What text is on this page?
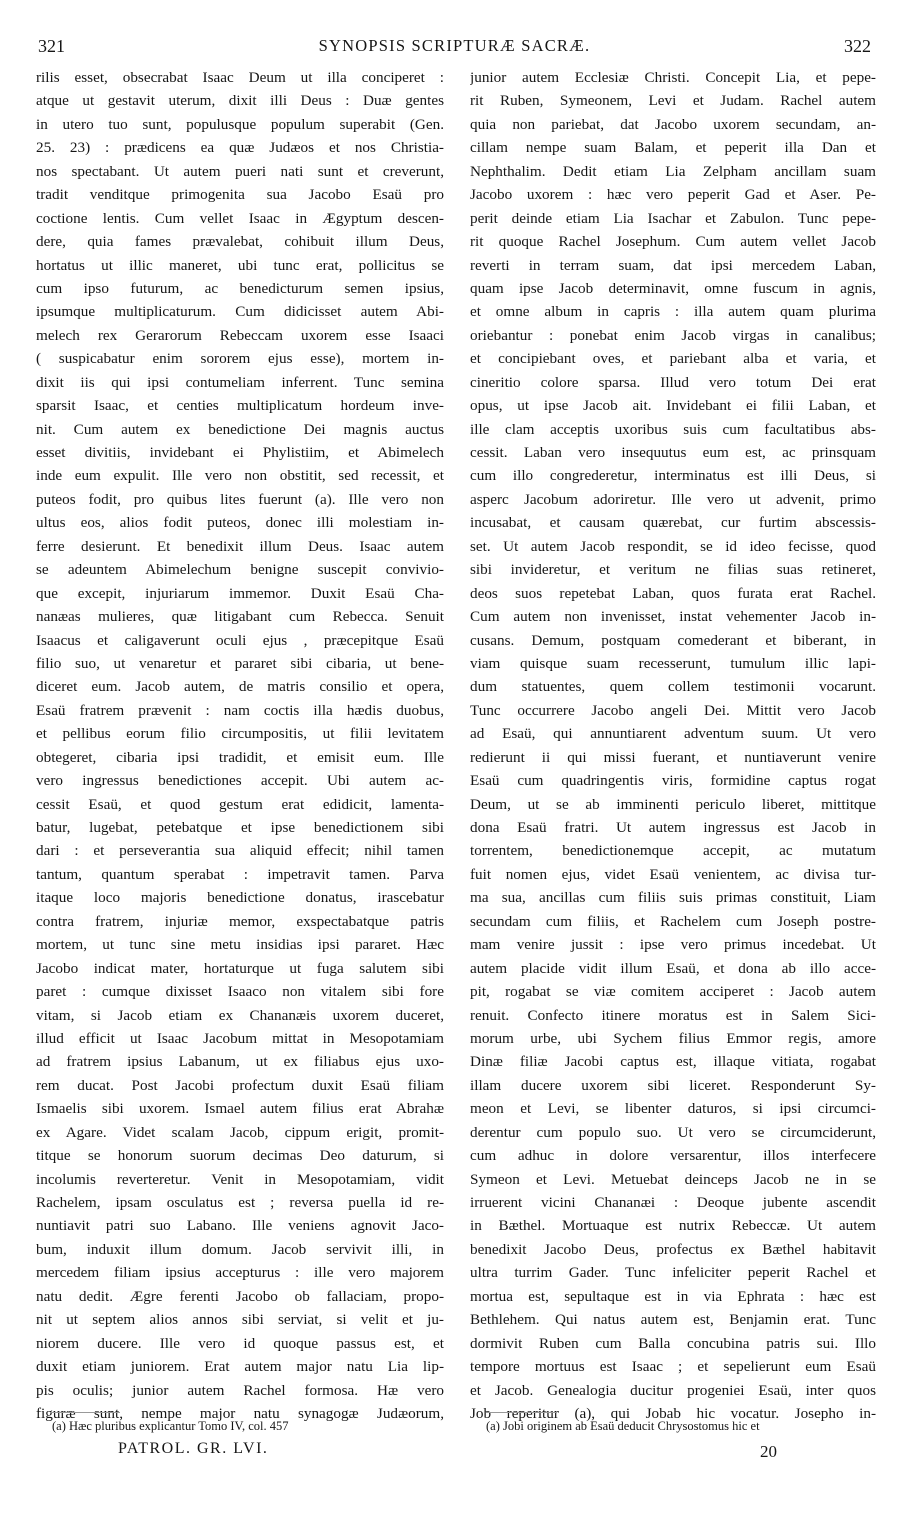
321	SYNOPSIS SCRIPTURÆ SACRÆ.	322
rilis esset, obsecrabat Isaac Deum ut illa conciperet :
atque ut gestavit uterum, dixit illi Deus : Duæ gentes
in utero tuo sunt, populusque populum superabit (Gen.
25. 23) : prædicens ea quæ Judæos et nos Christia-
nos spectabant. Ut autem pueri nati sunt et creverunt,
tradit venditque primogenita sua Jacobo Esaü pro
coctione lentis. Cum vellet Isaac in Ægyptum descen-
dere, quia fames prævalebat, cohibuit illum Deus,
hortatus ut illic maneret, ubi tunc erat, pollicitus se
cum ipso futurum, ac benedicturum semen ipsius,
ipsumque multiplicaturum. Cum didicisset autem Abi-
melech rex Gerarorum Rebeccam uxorem esse Isaaci
( suspicabatur enim sororem ejus esse), mortem in-
dixit iis qui ipsi contumeliam inferrent. Tunc semina
sparsit Isaac, et centies multiplicatum hordeum inve-
nit. Cum autem ex benedictione Dei magnis auctus
esset divitiis, invidebant ei Phylistiim, et Abimelech
inde eum expulit. Ille vero non obstitit, sed recessit, et
puteos fodit, pro quibus lites fuerunt (a). Ille vero non
ultus eos, alios fodit puteos, donec illi molestiam in-
ferre desierunt. Et benedixit illum Deus. Isaac autem
se adeuntem Abimelechum benigne suscepit convivio-
que excepit, injuriarum immemor. Duxit Esaü Cha-
nanæas mulieres, quæ litigabant cum Rebecca. Senuit
Isaacus et caligaverunt oculi ejus , præcepitque Esaü
filio suo, ut venaretur et pararet sibi cibaria, ut bene-
diceret eum. Jacob autem, de matris consilio et opera,
Esaü fratrem prævenit : nam coctis illa hædis duobus,
et pellibus eorum filio circumpositis, ut filii levitatem
obtegeret, cibaria ipsi tradidit, et emisit eum. Ille
vero ingressus benedictiones accepit. Ubi autem ac-
cessit Esaü, et quod gestum erat edidicit, lamenta-
batur, lugebat, petebatque et ipse benedictionem sibi
dari : et perseverantia sua aliquid effecit; nihil tamen
tantum, quantum sperabat : impetravit tamen. Parva
itaque loco majoris benedictione donatus, irascebatur
contra fratrem, injuriæ memor, exspectabatque patris
mortem, ut tunc sine metu insidias ipsi pararet. Hæc
Jacobo indicat mater, hortaturque ut fuga salutem sibi
paret : cumque dixisset Isaaco non vitalem sibi fore
vitam, si Jacob etiam ex Chananæis uxorem duceret,
illud efficit ut Isaac Jacobum mittat in Mesopotamiam
ad fratrem ipsius Labanum, ut ex filiabus ejus uxo-
rem ducat. Post Jacobi profectum duxit Esaü filiam
Ismaelis sibi uxorem. Ismael autem filius erat Abrahæ
ex Agare. Videt scalam Jacob, cippum erigit, promit-
titque se honorum suorum decimas Deo daturum, si
incolumis reverteretur. Venit in Mesopotamiam, vidit
Rachelem, ipsam osculatus est ; reversa puella id re-
nuntiavit patri suo Labano. Ille veniens agnovit Jaco-
bum, induxit illum domum. Jacob servivit illi, in
mercedem filiam ipsius accepturus : ille vero majorem
natu dedit. Ægre ferenti Jacobo ob fallaciam, propo-
nit ut septem alios annos sibi serviat, si velit et ju-
niorem ducere. Ille vero id quoque passus est, et
duxit etiam juniorem. Erat autem major natu Lia lip-
pis oculis; junior autem Rachel formosa. Hæ vero
figuræ sunt, nempe major natu synagogæ Judæorum,
junior autem Ecclesiæ Christi. Concepit Lia, et pepe-
rit Ruben, Symeonem, Levi et Judam. Rachel autem
quia non pariebat, dat Jacobo uxorem secundam, an-
cillam nempe suam Balam, et peperit illa Dan et
Nephthalim. Dedit etiam Lia Zelpham ancillam suam
Jacobo uxorem : hæc vero peperit Gad et Aser. Pe-
perit deinde etiam Lia Isachar et Zabulon. Tunc pepe-
rit quoque Rachel Josephum. Cum autem vellet Jacob
reverti in terram suam, dat ipsi mercedem Laban,
quam ipse Jacob determinavit, omne fuscum in agnis,
et omne album in capris : illa autem quam plurima
oriebantur : ponebat enim Jacob virgas in canalibus;
et concipiebant oves, et pariebant alba et varia, et
cineritio colore sparsa. Illud vero totum Dei erat
opus, ut ipse Jacob ait. Invidebant ei filii Laban, et
ille clam acceptis uxoribus suis cum facultatibus abs-
cessit. Laban vero insequutus eum est, ac prinsquam
cum illo congrederetur, interminatus est illi Deus, si
asperc Jacobum adoriretur. Ille vero ut advenit, primo
incusabat, et causam quærebat, cur furtim abscessis-
set. Ut autem Jacob respondit, se id ideo fecisse, quod
sibi invideretur, et veritum ne filias suas retineret,
deos suos repetebat Laban, quos furata erat Rachel.
Cum autem non invenisset, instat vehementer Jacob in-
cusans. Demum, postquam comederant et biberant, in
viam quisque suam recesserunt, tumulum illic lapi-
dum statuentes, quem collem testimonii vocarunt.
Tunc occurrere Jacobo angeli Dei. Mittit vero Jacob
ad Esaü, qui annuntiarent adventum suum. Ut vero
redierunt ii qui missi fuerant, et nuntiaverunt venire
Esaü cum quadringentis viris, formidine captus rogat
Deum, ut se ab imminenti periculo liberet, mittitque
dona Esaü fratri. Ut autem ingressus est Jacob in
torrentem, benedictionemque accepit, ac mutatum
fuit nomen ejus, videt Esaü venientem, ac divisa tur-
ma sua, ancillas cum filiis suis primas constituit, Liam
secundam cum filiis, et Rachelem cum Joseph postre-
mam venire jussit : ipse vero primus incedebat. Ut
autem placide vidit illum Esaü, et dona ab illo acce-
pit, rogabat se viæ comitem acciperet : Jacob autem
renuit. Confecto itinere moratus est in Salem Sici-
morum urbe, ubi Sychem filius Emmor regis, amore
Dinæ filiæ Jacobi captus est, illaque vitiata, rogabat
illam ducere uxorem sibi liceret. Responderunt Sy-
meon et Levi, se libenter daturos, si ipsi circumci-
derentur cum populo suo. Ut vero se circumciderunt,
cum adhuc in dolore versarentur, illos interfecere
Symeon et Levi. Metuebat deinceps Jacob ne in se
irruerent vicini Chananæi : Deoque jubente ascendit
in Bæthel. Mortuaque est nutrix Rebeccæ. Ut autem
benedixit Jacobo Deus, profectus ex Bæthel habitavit
ultra turrim Gader. Tunc infeliciter peperit Rachel et
mortua est, sepultaque est in via Ephrata : hæc est
Bethlehem. Qui natus autem est, Benjamin erat. Tunc
dormivit Ruben cum Balla concubina patris sui. Illo
tempore mortuus est Isaac ; et sepelierunt eum Esaü
et Jacob. Genealogia ducitur progeniei Esaü, inter quos
Job reperitur (a), qui Jobab hic vocatur. Josepho in-
(a) Hæc pluribus explicantur Tomo IV, col. 457	(a) Jobi originem ab Esaü deducit Chrysostomus hic et
PATROL. GR. LVI.	20
